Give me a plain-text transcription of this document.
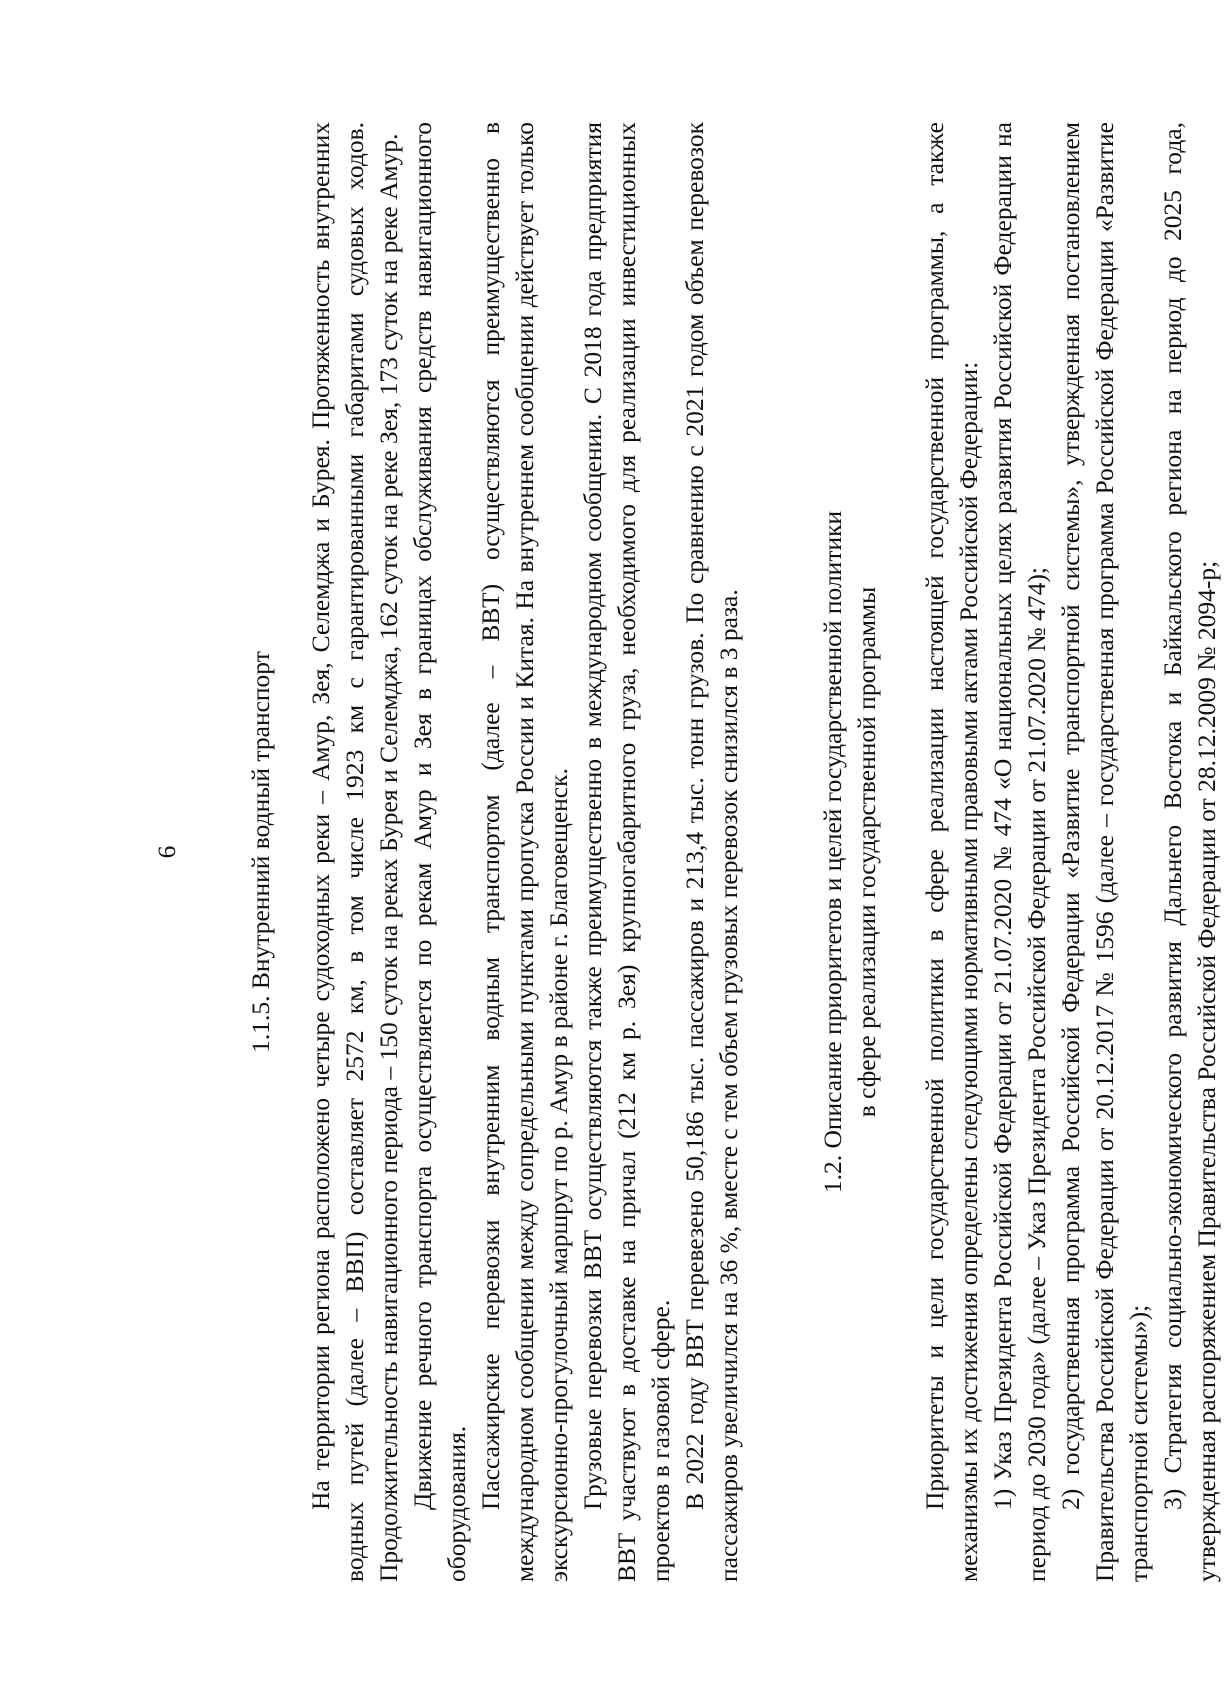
6	1.1.5. Внутренний водный транспорт На территории региона расположено четыре судоходных реки – Амур, Зея, Селемджа и Бурея. Протяженность внутренних водных путей (далее – ВВП) составляет 2572 км, в том числе 1923 км с гарантированными габаритами судовых ходов. Продолжительность навигационного периода – 150 суток на реках Бурея и Селемджа, 162 суток на реке Зея, 173 суток на реке Амур. Движение речного транспорта осуществляется по рекам Амур и Зея в границах обслуживания средств навигационного оборудования. Пассажирские перевозки внутренним водным транспортом (далее – ВВТ) осуществляются преимущественно в международном сообщении между сопредельными пунктами пропуска России и Китая. На внутреннем сообщении действует только экскурсионно-прогулочный маршрут по р. Амур в районе г. Благовещенск. Грузовые перевозки ВВТ осуществляются также преимущественно в международном сообщении. С 2018 года предприятия ВВТ участвуют в доставке на причал (212 км р. Зея) крупногабаритного груза, необходимого для реализации инвестиционных проектов в газовой сфере. В 2022 году ВВТ перевезено 50,186 тыс. пассажиров и 213,4 тыс. тонн грузов. По сравнению с 2021 годом объем перевозок пассажиров увеличился на 36 %, вместе с тем объем грузовых перевозок снизился в 3 раза.	1.2. Описание приоритетов и целей государственной политики в сфере реализации государственной программы Приоритеты и цели государственной политики в сфере реализации настоящей государственной программы, а также механизмы их достижения определены следующими нормативными правовыми актами Российской Федерации: 1) Указ Президента Российской Федерации от 21.07.2020 № 474 «О национальных целях развития Российской Федерации на период до 2030 года» (далее – Указ Президента Российской Федерации от 21.07.2020 № 474); 2) государственная программа Российской Федерации «Развитие транспортной системы», утвержденная постановлением Правительства Российской Федерации от 20.12.2017 № 1596 (далее – государственная программа Российской Федерации «Развитие транспортной системы»); 3) Стратегия социально-экономического развития Дальнего Востока и Байкальского региона на период до 2025 года, утвержденная распоряжением Правительства Российской Федерации от 28.12.2009 № 2094-р;
